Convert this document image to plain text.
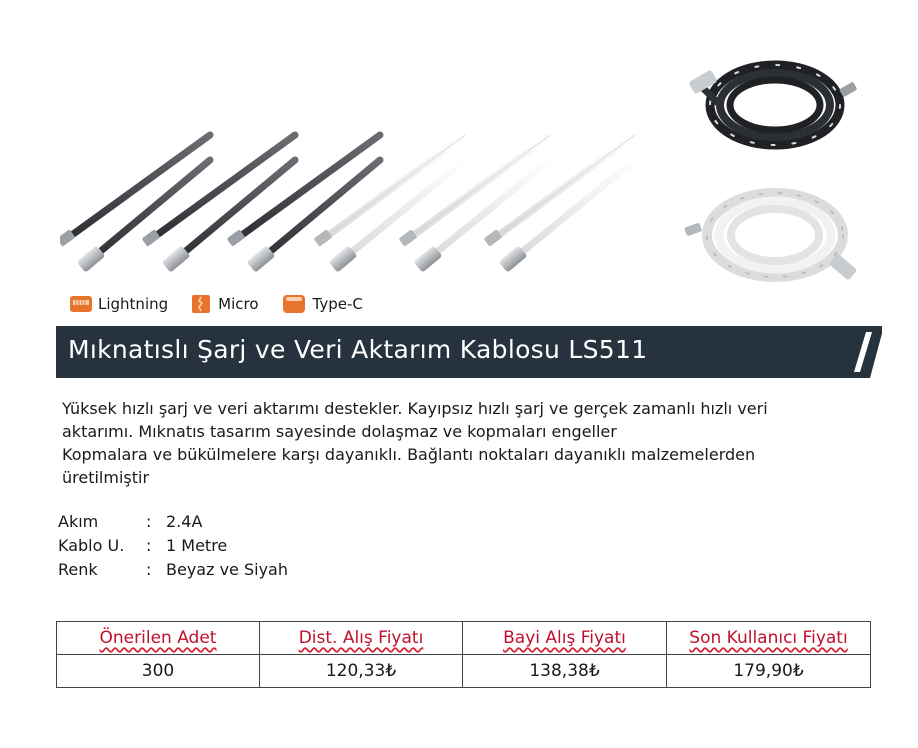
Lightning	Micro	Type-C
Mıknatıslı Şarj ve Veri Aktarım Kablosu LS511
Yüksek hızlı şarj ve veri aktarımı destekler. Kayıpsız hızlı şarj ve gerçek zamanlı hızlı veri
aktarımı. Mıknatıs tasarım sayesinde dolaşmaz ve kopmaları engeller
Kopmalara ve bükülmelere karşı dayanıklı. Bağlantı noktaları dayanıklı malzemelerden
üretilmiştir
Akım	: 2.4A
Kablo U.	: 1 Metre
Renk	: Beyaz ve Siyah
Önerilen Adet	Dist. Alış Fiyatı	Bayi Alış Fiyatı	Son Kullanıcı Fiyatı
300	120,33₺	138,38₺	179,90₺
